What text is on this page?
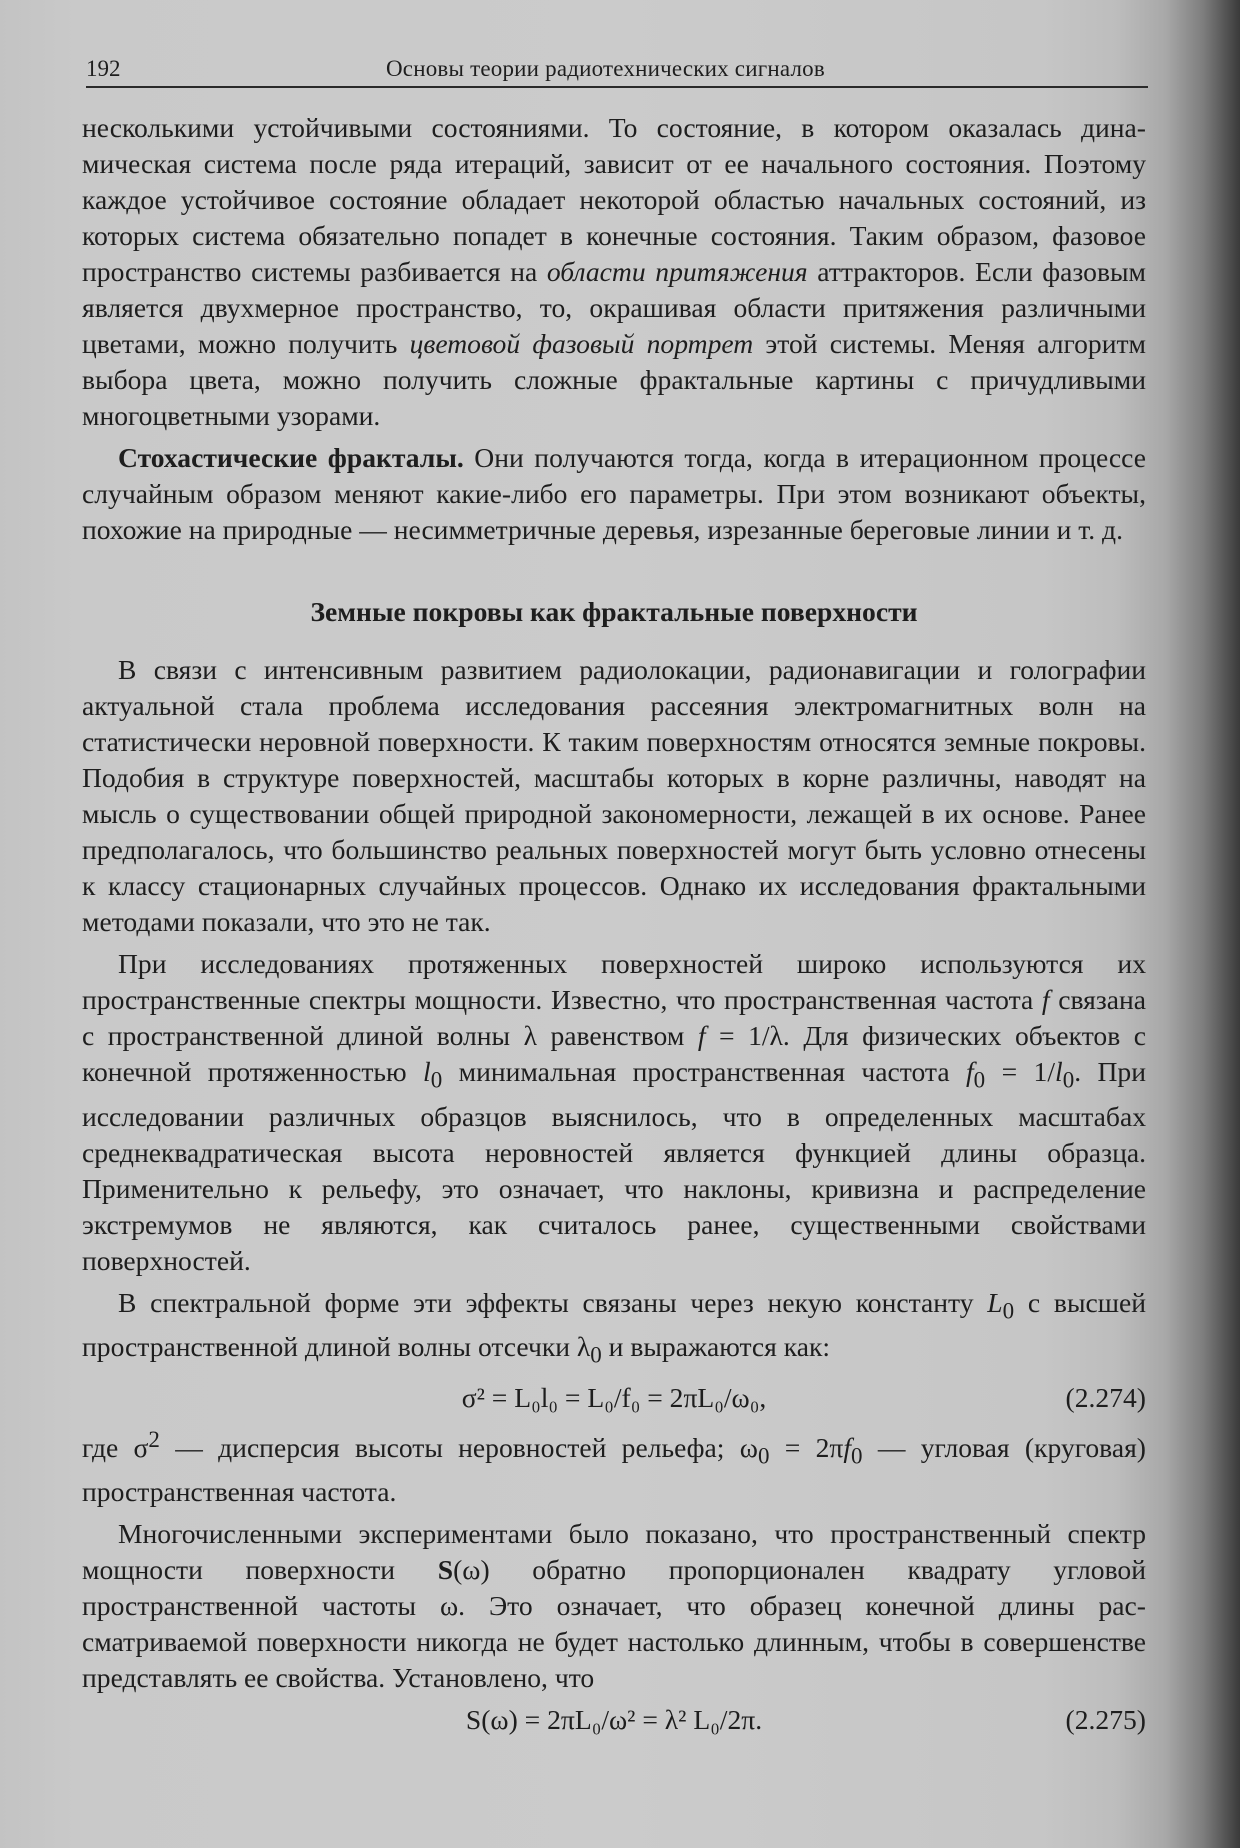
192	Основы теории радиотехнических сигналов

несколькими устойчивыми состояниями. То состояние, в котором оказалась динамическая система после ряда итераций, зависит от ее начального состояния. Поэтому каждое устойчивое состояние обладает некоторой областью начальных состояний, из которых система обязательно попадет в конечные состояния. Таким образом, фазовое пространство системы разбивается на области притяжения аттракторов. Если фазовым является двухмерное пространство, то, окрашивая области притяжения различными цветами, можно получить цветовой фазовый портрет этой системы. Меняя алгоритм выбора цвета, можно получить сложные фрактальные картины с причудливыми многоцветными узорами.

Стохастические фракталы. Они получаются тогда, когда в итерационном процессе случайным образом меняют какие-либо его параметры. При этом возникают объекты, похожие на природные — несимметричные деревья, изрезанные береговые линии и т. д.

Земные покровы как фрактальные поверхности

В связи с интенсивным развитием радиолокации, радионавигации и голографии актуальной стала проблема исследования рассеяния электромагнитных волн на статистически неровной поверхности. К таким поверхностям относятся земные покровы. Подобия в структуре поверхностей, масштабы которых в корне различны, наводят на мысль о существовании общей природной закономерности, лежащей в их основе. Ранее предполагалось, что большинство реальных поверхностей могут быть условно отнесены к классу стационарных случайных процессов. Однако их исследования фрактальными методами показали, что это не так.

При исследованиях протяженных поверхностей широко используются их пространственные спектры мощности. Известно, что пространственная частота f связана с пространственной длиной волны λ равенством f = 1/λ. Для физических объектов с конечной протяженностью $l_0$ минимальная пространственная частота $f_0 = 1/l_0$. При исследовании различных образцов выяснилось, что в определенных масштабах среднеквадратическая высота неровностей является функцией длины образца. Применительно к рельефу, это означает, что наклоны, кривизна и распределение экстремумов не являются, как считалось ранее, существенными свойствами поверхностей.

В спектральной форме эти эффекты связаны через некую константу $L_0$ с высшей пространственной длиной волны отсечки $\lambda_0$ и выражаются как:

σ² = L₀l₀ = L₀/f₀ = 2πL₀/ω₀,	(2.274)

где $\sigma^2$ — дисперсия высоты неровностей рельефа; $\omega_0 = 2\pi f_0$ — угловая (круговая) пространственная частота.

Многочисленными экспериментами было показано, что пространственный спектр мощности поверхности S(ω) обратно пропорционален квадрату угловой пространственной частоты ω. Это означает, что образец конечной длины рассматриваемой поверхности никогда не будет настолько длинным, чтобы в совершенстве представлять ее свойства. Установлено, что

S(ω) = 2πL₀/ω² = λ² L₀/2π.	(2.275)
